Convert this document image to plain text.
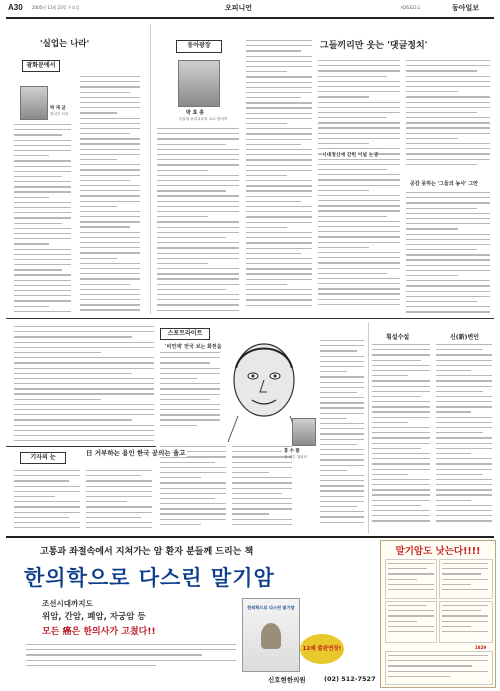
A30 2005년 11월 23일 수요일	오피니언	제26321호	동아일보
'실업는 나라'
광화문에서
박 재 균
정치부 차장
동아광장
박 효 종
서울대 윤리교육과 교수·정치학
그들끼리만 웃는 '댓글정치'
공감 못하는 '그들의 농사' 그만
시대정신에 갇힌 이념 논쟁
스포트라이트
'비연재' 만국 보는 화천읍
홍 수 환
전 권투 챔피언
횡설수설	신(新)변인
기자의 눈
日 거부하는 용인 한국 공의는 울고
고통과 좌절속에서 지쳐가는 암 환자 분들께 드리는 책
한의학으로 다스린 말기암
조선시대까지도
위암, 간암, 폐암, 자궁암 등
모든 癌은 한의사가 고쳤다!!
한의학으로 다스린 말기암
12쇄 출판연장!
신호현한의원	(02) 512-7527
말기암도 낫는다!!!!
1829
